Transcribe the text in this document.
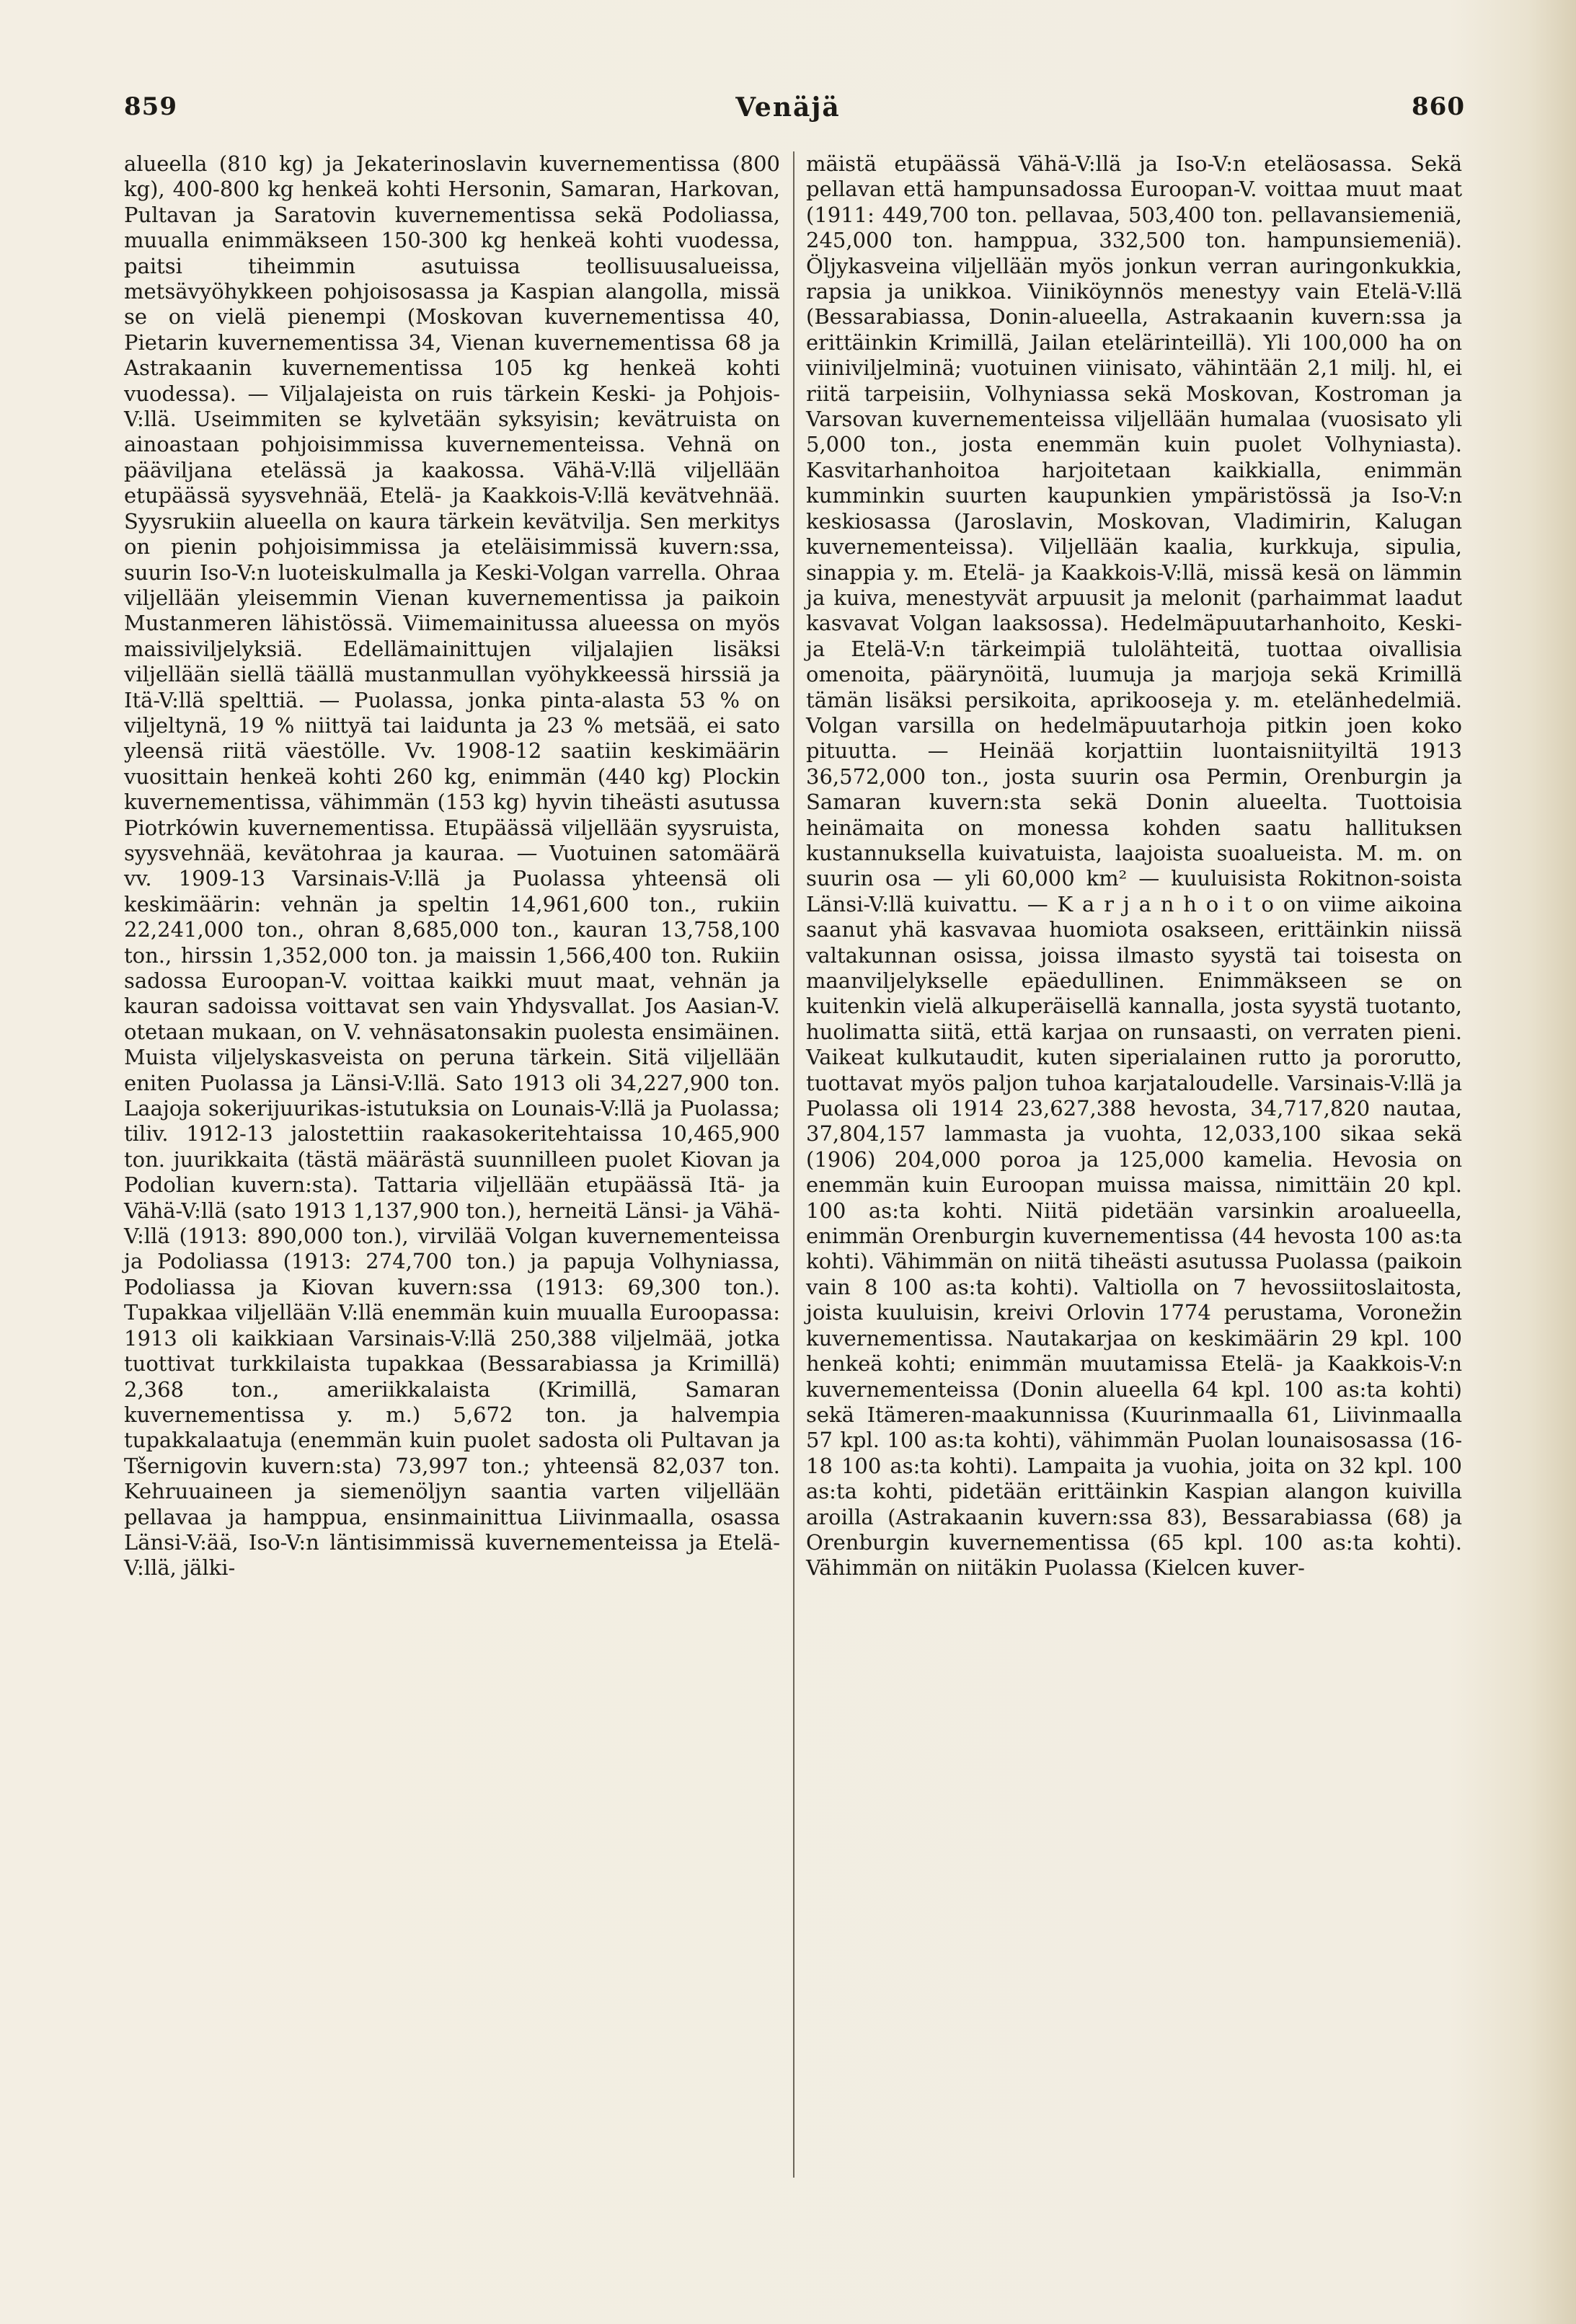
859	Venäjä	860

alueella (810 kg) ja Jekaterinoslavin kuvernementissa (800 kg), 400-800 kg henkeä kohti Hersonin, Samaran, Harkovan, Pultavan ja Saratovin kuvernementissa sekä Podoliassa, muualla enimmäkseen 150-300 kg henkeä kohti vuodessa, paitsi tiheimmin asutuissa teollisuusalueissa, metsävyöhykkeen pohjoisosassa ja Kaspian alangolla, missä se on vielä pienempi (Moskovan kuvernementissa 40, Pietarin kuvernementissa 34, Vienan kuvernementissa 68 ja Astrakaanin kuvernementissa 105 kg henkeä kohti vuodessa). — Viljalajeista on ruis tärkein Keski- ja Pohjois-V:llä. Useimmiten se kylvetään syksyisin; kevätruista on ainoastaan pohjoisimmissa kuvernementeissa. Vehnä on pääviljana etelässä ja kaakossa. Vähä-V:llä viljellään etupäässä syysvehnää, Etelä- ja Kaakkois-V:llä kevätvehnää. Syysrukiin alueella on kaura tärkein kevätvilja. Sen merkitys on pienin pohjoisimmissa ja eteläisimmissä kuvern:ssa, suurin Iso-V:n luoteiskulmalla ja Keski-Volgan varrella. Ohraa viljellään yleisemmin Vienan kuvernementissa ja paikoin Mustanmeren lähistössä. Viimemainitussa alueessa on myös maissiviljelyksiä. Edellämainittujen viljalajien lisäksi viljellään siellä täällä mustanmullan vyöhykkeessä hirssiä ja Itä-V:llä spelttiä. — Puolassa, jonka pinta-alasta 53 % on viljeltynä, 19 % niittyä tai laidunta ja 23 % metsää, ei sato yleensä riitä väestölle. Vv. 1908-12 saatiin keskimäärin vuosittain henkeä kohti 260 kg, enimmän (440 kg) Plockin kuvernementissa, vähimmän (153 kg) hyvin tiheästi asutussa Piotrkówin kuvernementissa. Etupäässä viljellään syysruista, syysvehnää, kevätohraa ja kauraa. — Vuotuinen satomäärä vv. 1909-13 Varsinais-V:llä ja Puolassa yhteensä oli keskimäärin: vehnän ja speltin 14,961,600 ton., rukiin 22,241,000 ton., ohran 8,685,000 ton., kauran 13,758,100 ton., hirssin 1,352,000 ton. ja maissin 1,566,400 ton. Rukiin sadossa Euroopan-V. voittaa kaikki muut maat, vehnän ja kauran sadoissa voittavat sen vain Yhdysvallat. Jos Aasian-V. otetaan mukaan, on V. vehnäsatonsakin puolesta ensimäinen. Muista viljelyskasveista on peruna tärkein. Sitä viljellään eniten Puolassa ja Länsi-V:llä. Sato 1913 oli 34,227,900 ton. Laajoja sokerijuurikas-istutuksia on Lounais-V:llä ja Puolassa; tiliv. 1912-13 jalostettiin raakasokeritehtaissa 10,465,900 ton. juurikkaita (tästä määrästä suunnilleen puolet Kiovan ja Podolian kuvern:sta). Tattaria viljellään etupäässä Itä- ja Vähä-V:llä (sato 1913 1,137,900 ton.), herneitä Länsi- ja Vähä-V:llä (1913: 890,000 ton.), virvilää Volgan kuvernementeissa ja Podoliassa (1913: 274,700 ton.) ja papuja Volhyniassa, Podoliassa ja Kiovan kuvern:ssa (1913: 69,300 ton.). Tupakkaa viljellään V:llä enemmän kuin muualla Euroopassa: 1913 oli kaikkiaan Varsinais-V:llä 250,388 viljelmää, jotka tuottivat turkkilaista tupakkaa (Bessarabiassa ja Krimillä) 2,368 ton., ameriikkalaista (Krimillä, Samaran kuvernementissa y. m.) 5,672 ton. ja halvempia tupakkalaatuja (enemmän kuin puolet sadosta oli Pultavan ja Tšernigovin kuvern:sta) 73,997 ton.; yhteensä 82,037 ton. Kehruuaineen ja siemenöljyn saantia varten viljellään pellavaa ja hamppua, ensinmainittua Liivinmaalla, osassa Länsi-V:ää, Iso-V:n läntisimmissä kuvernementeissa ja Etelä-V:llä, jälki-

mäistä etupäässä Vähä-V:llä ja Iso-V:n eteläosassa. Sekä pellavan että hampunsadossa Euroopan-V. voittaa muut maat (1911: 449,700 ton. pellavaa, 503,400 ton. pellavansiemeniä, 245,000 ton. hamppua, 332,500 ton. hampunsiemeniä). Öljykasveina viljellään myös jonkun verran auringonkukkia, rapsia ja unikkoa. Viiniköynnös menestyy vain Etelä-V:llä (Bessarabiassa, Donin-alueella, Astrakaanin kuvern:ssa ja erittäinkin Krimillä, Jailan etelärinteillä). Yli 100,000 ha on viiniviljelminä; vuotuinen viinisato, vähintään 2,1 milj. hl, ei riitä tarpeisiin, Volhyniassa sekä Moskovan, Kostroman ja Varsovan kuvernementeissa viljellään humalaa (vuosisato yli 5,000 ton., josta enemmän kuin puolet Volhyniasta). Kasvitarhanhoitoa harjoitetaan kaikkialla, enimmän kumminkin suurten kaupunkien ympäristössä ja Iso-V:n keskiosassa (Jaroslavin, Moskovan, Vladimirin, Kalugan kuvernementeissa). Viljellään kaalia, kurkkuja, sipulia, sinappia y. m. Etelä- ja Kaakkois-V:llä, missä kesä on lämmin ja kuiva, menestyvät arpuusit ja melonit (parhaimmat laadut kasvavat Volgan laaksossa). Hedelmäpuutarhanhoito, Keski- ja Etelä-V:n tärkeimpiä tulolähteitä, tuottaa oivallisia omenoita, päärynöitä, luumuja ja marjoja sekä Krimillä tämän lisäksi persikoita, aprikooseja y. m. etelänhedelmiä. Volgan varsilla on hedelmäpuutarhoja pitkin joen koko pituutta. — Heinää korjattiin luontaisniityiltä 1913 36,572,000 ton., josta suurin osa Permin, Orenburgin ja Samaran kuvern:sta sekä Donin alueelta. Tuottoisia heinämaita on monessa kohden saatu hallituksen kustannuksella kuivatuista, laajoista suoalueista. M. m. on suurin osa — yli 60,000 km² — kuuluisista Rokitnon-soista Länsi-V:llä kuivattu. — K a r j a n h o i t o on viime aikoina saanut yhä kasvavaa huomiota osakseen, erittäinkin niissä valtakunnan osissa, joissa ilmasto syystä tai toisesta on maanviljelykselle epäedullinen. Enimmäkseen se on kuitenkin vielä alkuperäisellä kannalla, josta syystä tuotanto, huolimatta siitä, että karjaa on runsaasti, on verraten pieni. Vaikeat kulkutaudit, kuten siperialainen rutto ja pororutto, tuottavat myös paljon tuhoa karjataloudelle. Varsinais-V:llä ja Puolassa oli 1914 23,627,388 hevosta, 34,717,820 nautaa, 37,804,157 lammasta ja vuohta, 12,033,100 sikaa sekä (1906) 204,000 poroa ja 125,000 kamelia. Hevosia on enemmän kuin Euroopan muissa maissa, nimittäin 20 kpl. 100 as:ta kohti. Niitä pidetään varsinkin aroalueella, enimmän Orenburgin kuvernementissa (44 hevosta 100 as:ta kohti). Vähimmän on niitä tiheästi asutussa Puolassa (paikoin vain 8 100 as:ta kohti). Valtiolla on 7 hevossiitoslaitosta, joista kuuluisin, kreivi Orlovin 1774 perustama, Voronežin kuvernementissa. Nautakarjaa on keskimäärin 29 kpl. 100 henkeä kohti; enimmän muutamissa Etelä- ja Kaakkois-V:n kuvernementeissa (Donin alueella 64 kpl. 100 as:ta kohti) sekä Itämeren-maakunnissa (Kuurinmaalla 61, Liivinmaalla 57 kpl. 100 as:ta kohti), vähimmän Puolan lounaisosassa (16-18 100 as:ta kohti). Lampaita ja vuohia, joita on 32 kpl. 100 as:ta kohti, pidetään erittäinkin Kaspian alangon kuivilla aroilla (Astrakaanin kuvern:ssa 83), Bessarabiassa (68) ja Orenburgin kuvernementissa (65 kpl. 100 as:ta kohti). Vähimmän on niitäkin Puolassa (Kielcen kuver-
